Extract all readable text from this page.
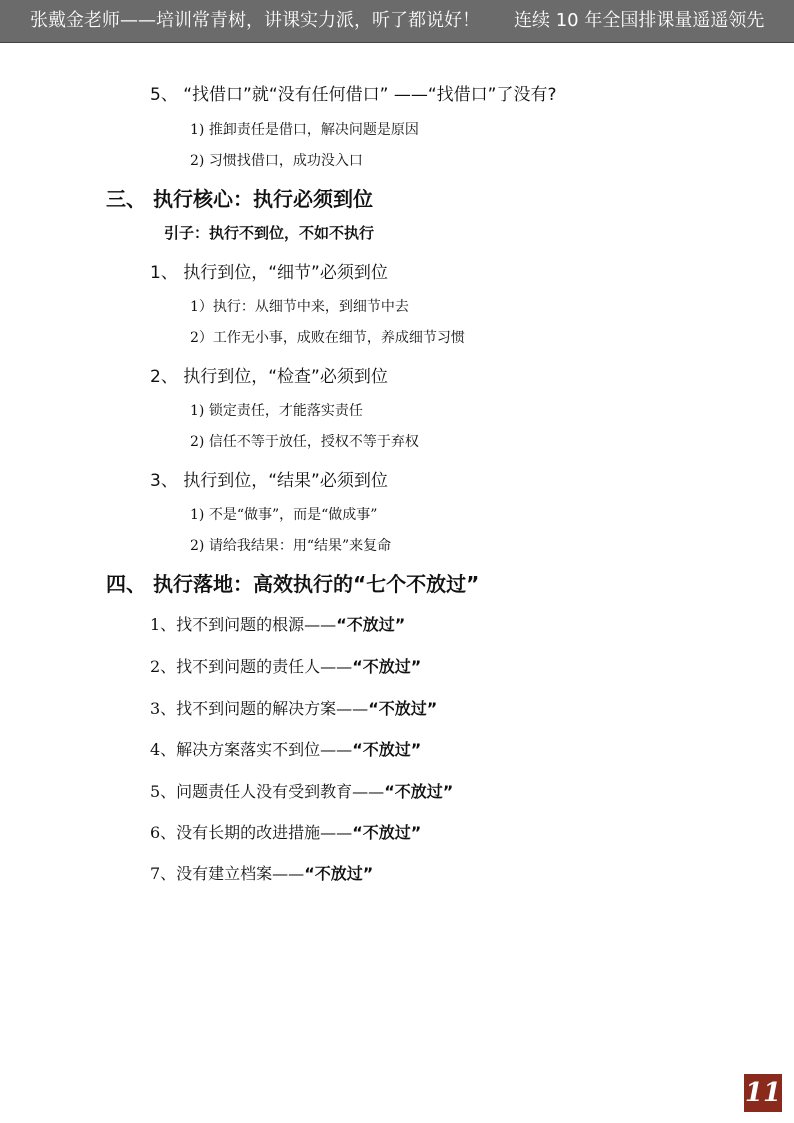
张戴金老师——培训常青树，讲课实力派，听了都说好！ 连续 10 年全国排课量遥遥领先
5、 “找借口”就“没有任何借口” ——“找借口”了没有?
1) 推卸责任是借口，解决问题是原因
2) 习惯找借口，成功没入口
三、 执行核心：执行必须到位
引子：执行不到位，不如不执行
1、 执行到位，“细节”必须到位
1）执行：从细节中来，到细节中去
2）工作无小事，成败在细节，养成细节习惯
2、 执行到位，“检查”必须到位
1) 锁定责任，才能落实责任
2) 信任不等于放任，授权不等于弃权
3、 执行到位，“结果”必须到位
1) 不是“做事”，而是“做成事”
2) 请给我结果：用“结果”来复命
四、 执行落地：高效执行的“七个不放过”
1、找不到问题的根源——“不放过”
2、找不到问题的责任人——“不放过”
3、找不到问题的解决方案——“不放过”
4、解决方案落实不到位——“不放过”
5、问题责任人没有受到教育——“不放过”
6、没有长期的改进措施——“不放过”
7、没有建立档案——“不放过”
11
